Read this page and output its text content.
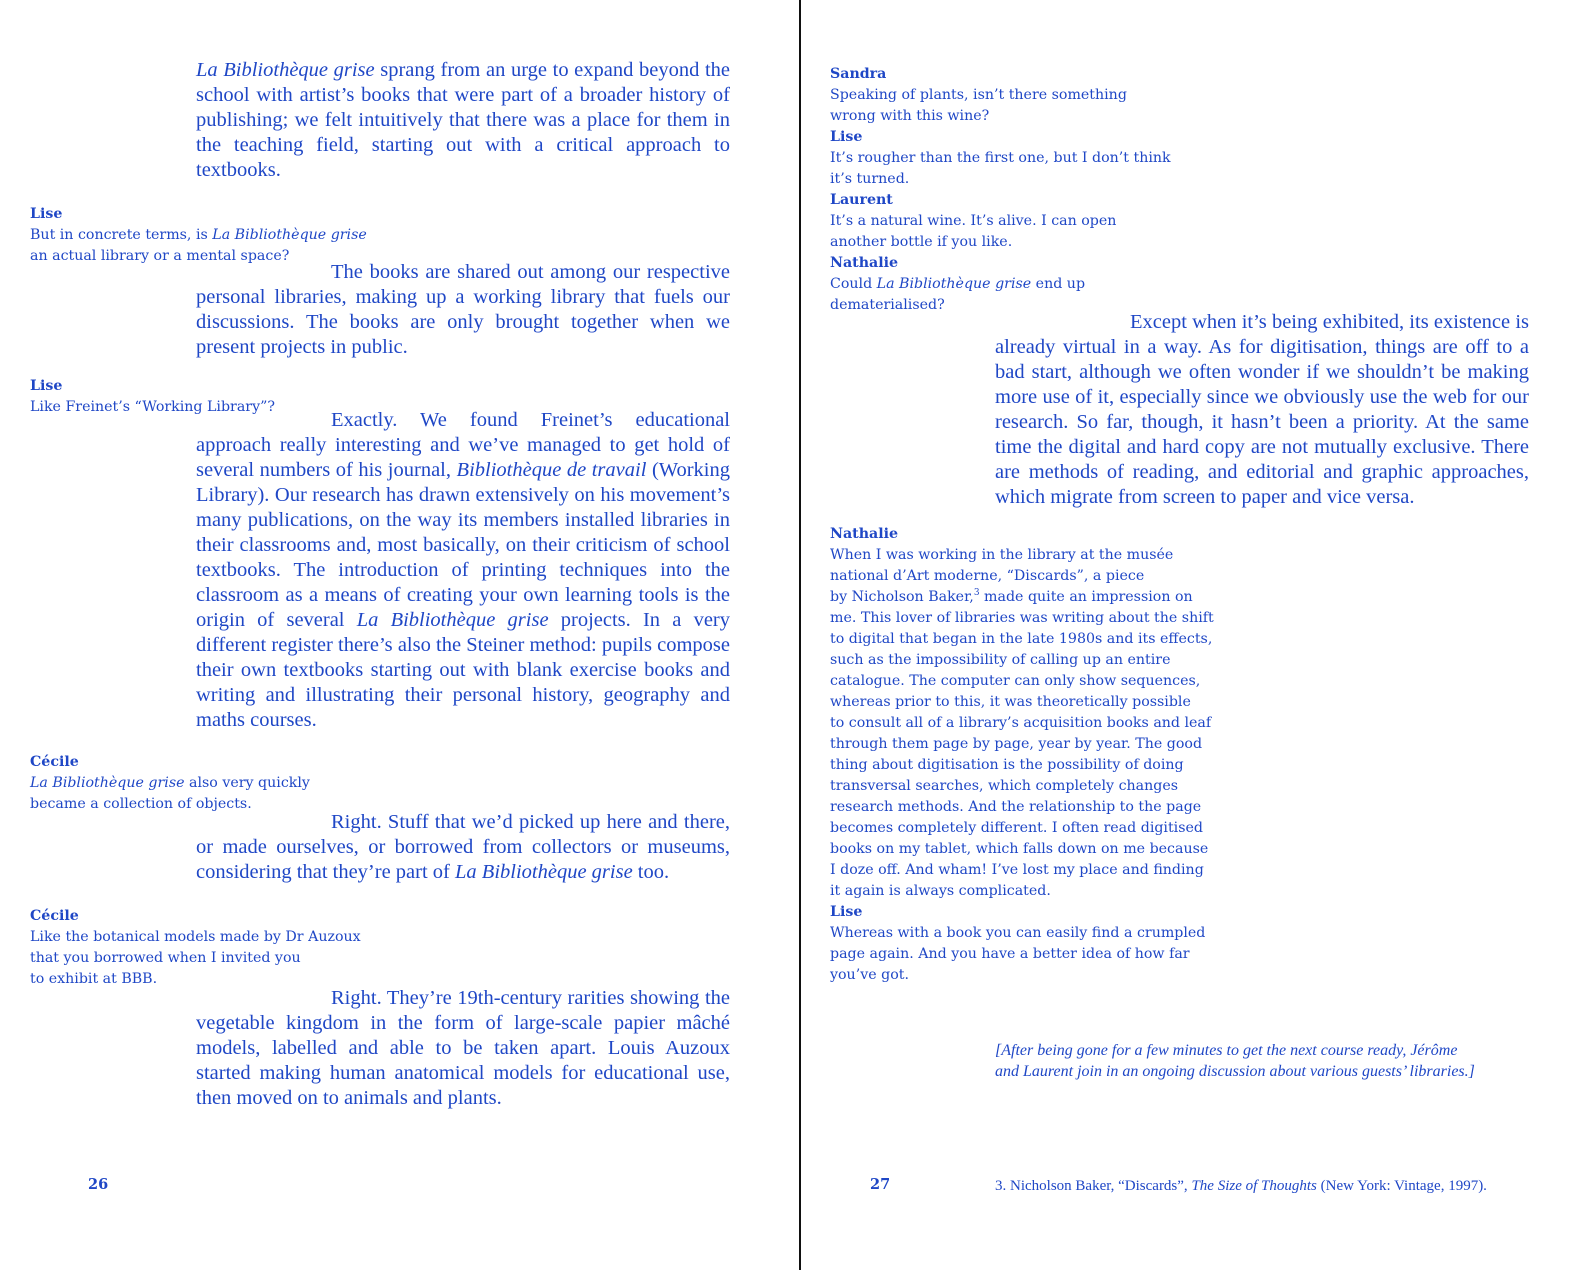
La Bibliothèque grise sprang from an urge to expand beyond the school with artist’s books that were part of a broader history of publishing; we felt intuitively that there was a place for them in the teaching field, starting out with a critical approach to textbooks.

Lise
But in concrete terms, is La Bibliothèque grise
an actual library or a mental space?

The books are shared out among our respective personal libraries, making up a working library that fuels our discussions. The books are only brought together when we present projects in public.

Lise
Like Freinet’s “Working Library”?

Exactly. We found Freinet’s educational approach really interesting and we’ve managed to get hold of several numbers of his journal, Bibliothèque de travail (Working Library). Our research has drawn extensively on his movement’s many publications, on the way its members installed libraries in their classrooms and, most basically, on their criticism of school textbooks. The introduction of printing techniques into the classroom as a means of creating your own learning tools is the origin of several La Bibliothèque grise projects. In a very different register there’s also the Steiner method: pupils compose their own textbooks starting out with blank exercise books and writing and illustrating their personal history, geography and maths courses.

Cécile
La Bibliothèque grise also very quickly
became a collection of objects.

Right. Stuff that we’d picked up here and there, or made ourselves, or borrowed from collectors or museums, considering that they’re part of La Bibliothèque grise too.

Cécile
Like the botanical models made by Dr Auzoux
that you borrowed when I invited you
to exhibit at BBB.

Right. They’re 19th-century rarities showing the vegetable kingdom in the form of large-scale papier mâché models, labelled and able to be taken apart. Louis Auzoux started making human anatomical models for educational use, then moved on to animals and plants.

26
Sandra
Speaking of plants, isn’t there something
wrong with this wine?
Lise
It’s rougher than the first one, but I don’t think
it’s turned.
Laurent
It’s a natural wine. It’s alive. I can open
another bottle if you like.
Nathalie
Could La Bibliothèque grise end up
dematerialised?

Except when it’s being exhibited, its existence is already virtual in a way. As for digitisation, things are off to a bad start, although we often wonder if we shouldn’t be making more use of it, especially since we obviously use the web for our research. So far, though, it hasn’t been a priority. At the same time the digital and hard copy are not mutually exclusive. There are methods of reading, and editorial and graphic approaches, which migrate from screen to paper and vice versa.

Nathalie
When I was working in the library at the musée
national d’Art moderne, “Discards”, a piece
by Nicholson Baker,$^3$ made quite an impression on
me. This lover of libraries was writing about the shift
to digital that began in the late 1980s and its effects,
such as the impossibility of calling up an entire
catalogue. The computer can only show sequences,
whereas prior to this, it was theoretically possible
to consult all of a library’s acquisition books and leaf
through them page by page, year by year. The good
thing about digitisation is the possibility of doing
transversal searches, which completely changes
research methods. And the relationship to the page
becomes completely different. I often read digitised
books on my tablet, which falls down on me because
I doze off. And wham! I’ve lost my place and finding
it again is always complicated.
Lise
Whereas with a book you can easily find a crumpled
page again. And you have a better idea of how far
you’ve got.
[After being gone for a few minutes to get the next course ready, Jérôme
and Laurent join in an ongoing discussion about various guests’ libraries.]
27	3. Nicholson Baker, “Discards”, The Size of Thoughts (New York: Vintage, 1997).
